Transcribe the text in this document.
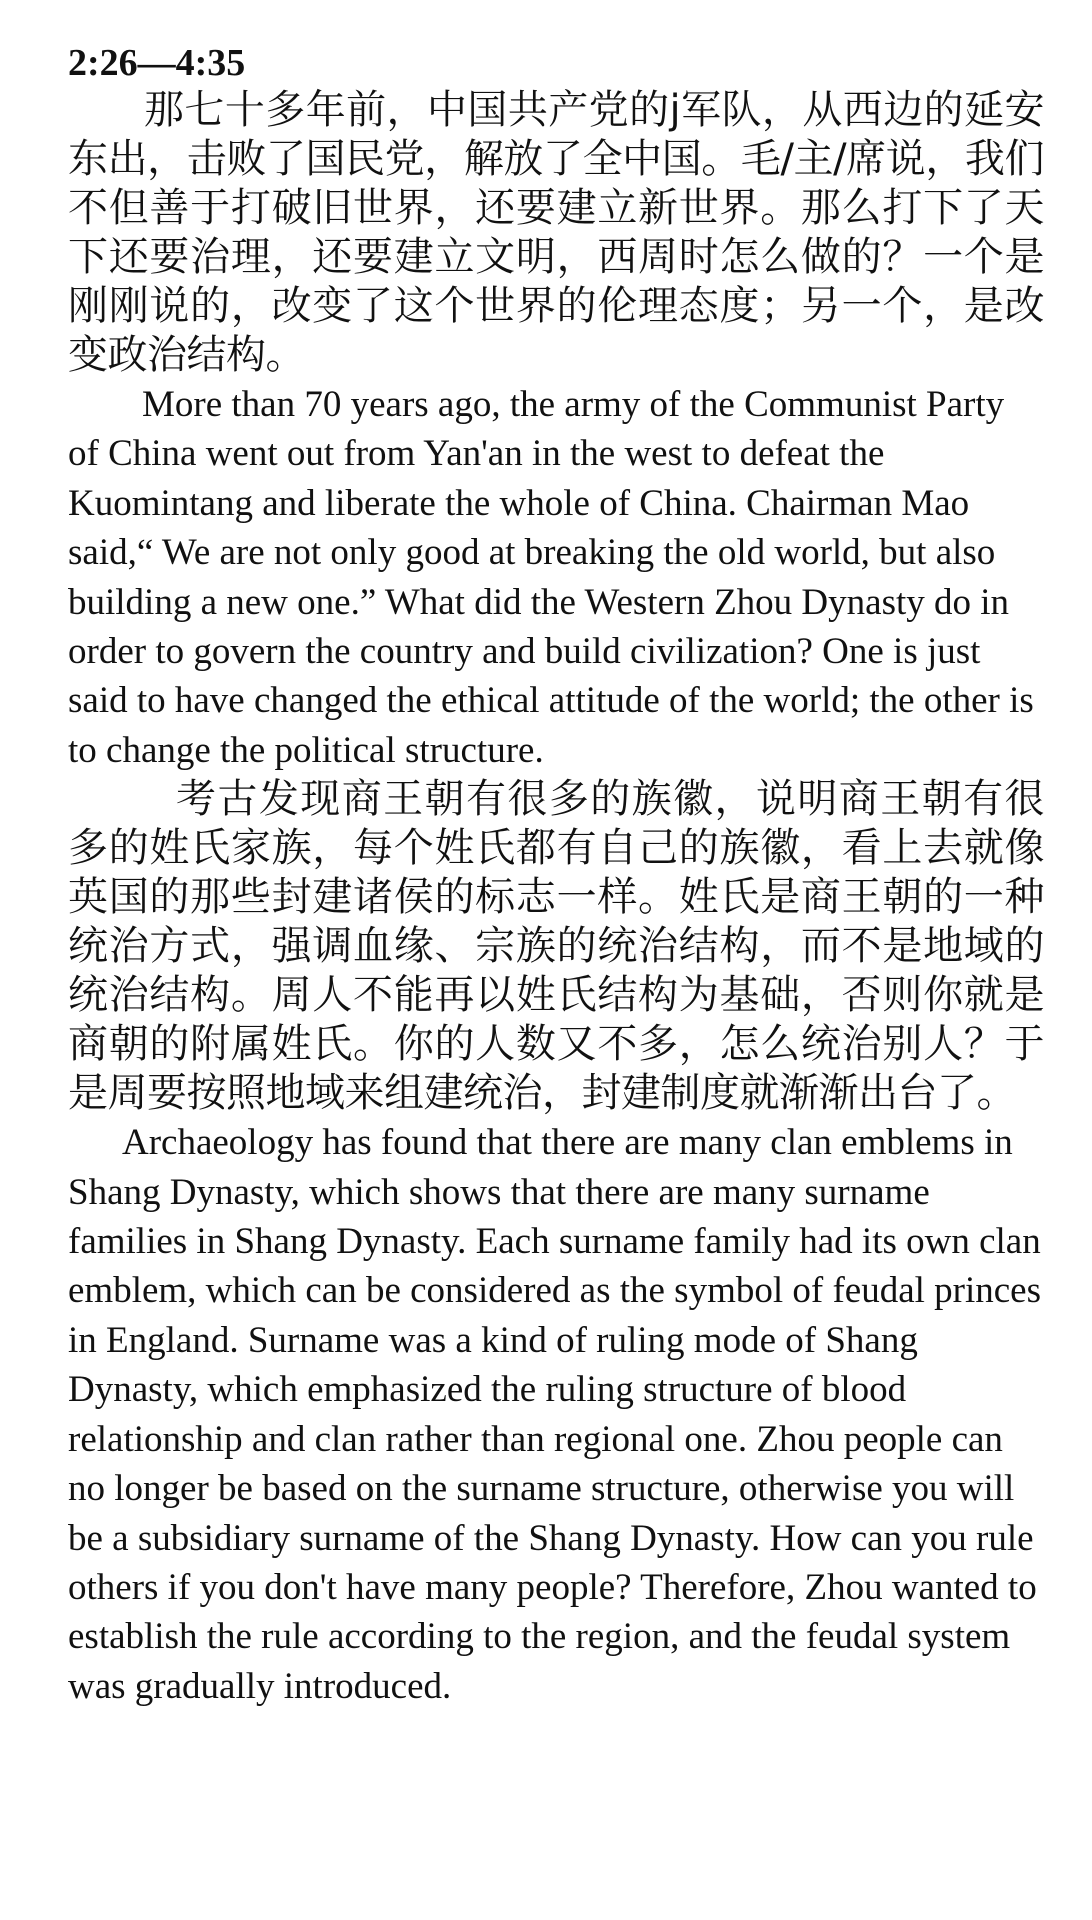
2:26—4:35

那七十多年前，中国共产党的j军队，从西边的延安东出，击败了国民党，解放了全中国。毛/主/席说，我们不但善于打破旧世界，还要建立新世界。那么打下了天下还要治理，还要建立文明，西周时怎么做的？一个是刚刚说的，改变了这个世界的伦理态度；另一个，是改变政治结构。

More than 70 years ago, the army of the Communist Party of China went out from Yan'an in the west to defeat the Kuomintang and liberate the whole of China. Chairman Mao said,“ We are not only good at breaking the old world, but also building a new one.” What did the Western Zhou Dynasty do in order to govern the country and build civilization? One is just said to have changed the ethical attitude of the world; the other is to change the political structure.

考古发现商王朝有很多的族徽，说明商王朝有很多的姓氏家族，每个姓氏都有自己的族徽，看上去就像英国的那些封建诸侯的标志一样。姓氏是商王朝的一种统治方式，强调血缘、宗族的统治结构，而不是地域的统治结构。周人不能再以姓氏结构为基础，否则你就是商朝的附属姓氏。你的人数又不多，怎么统治别人？于是周要按照地域来组建统治，封建制度就渐渐出台了。

Archaeology has found that there are many clan emblems in Shang Dynasty, which shows that there are many surname families in Shang Dynasty. Each surname family had its own clan emblem, which can be considered as the symbol of feudal princes in England. Surname was a kind of ruling mode of Shang Dynasty, which emphasized the ruling structure of blood relationship and clan rather than regional one. Zhou people can no longer be based on the surname structure, otherwise you will be a subsidiary surname of the Shang Dynasty. How can you rule others if you don't have many people? Therefore, Zhou wanted to establish the rule according to the region, and the feudal system was gradually introduced.
